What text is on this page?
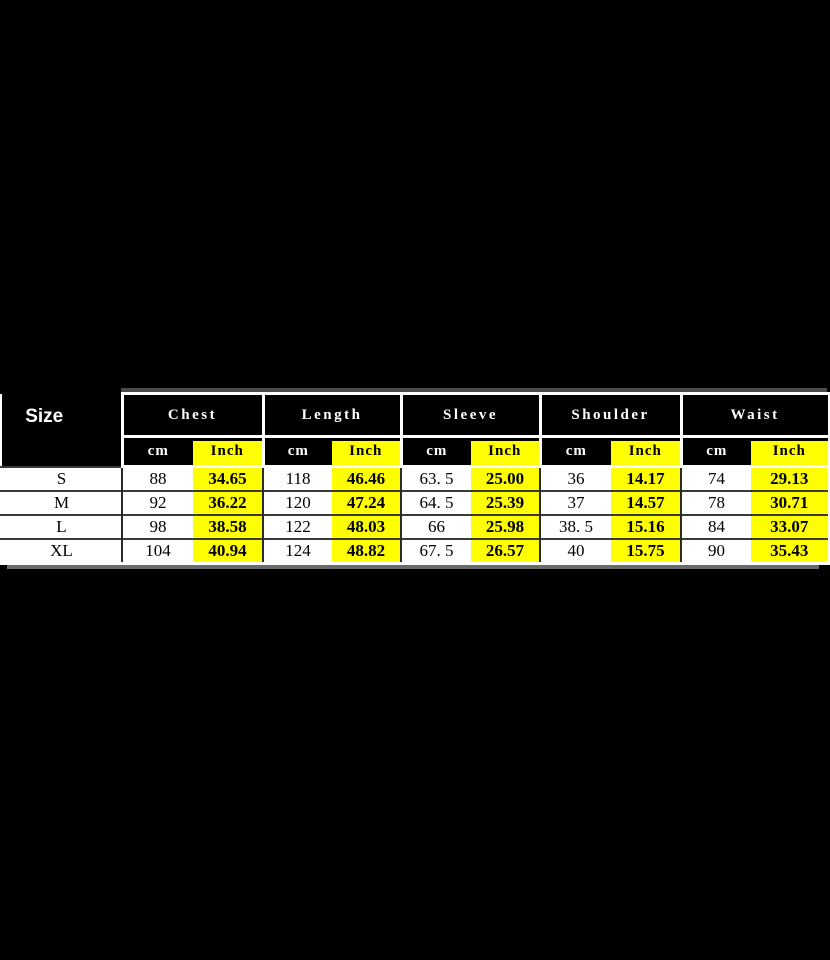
Size	Chest		Length		Sleeve		Shoulder		Waist	
	cm	Inch	cm	Inch	cm	Inch	cm	Inch	cm	Inch
S	88	34.65	118	46.46	63. 5	25.00	36	14.17	74	29.13
M	92	36.22	120	47.24	64. 5	25.39	37	14.57	78	30.71
L	98	38.58	122	48.03	66	25.98	38. 5	15.16	84	33.07
XL	104	40.94	124	48.82	67. 5	26.57	40	15.75	90	35.43
